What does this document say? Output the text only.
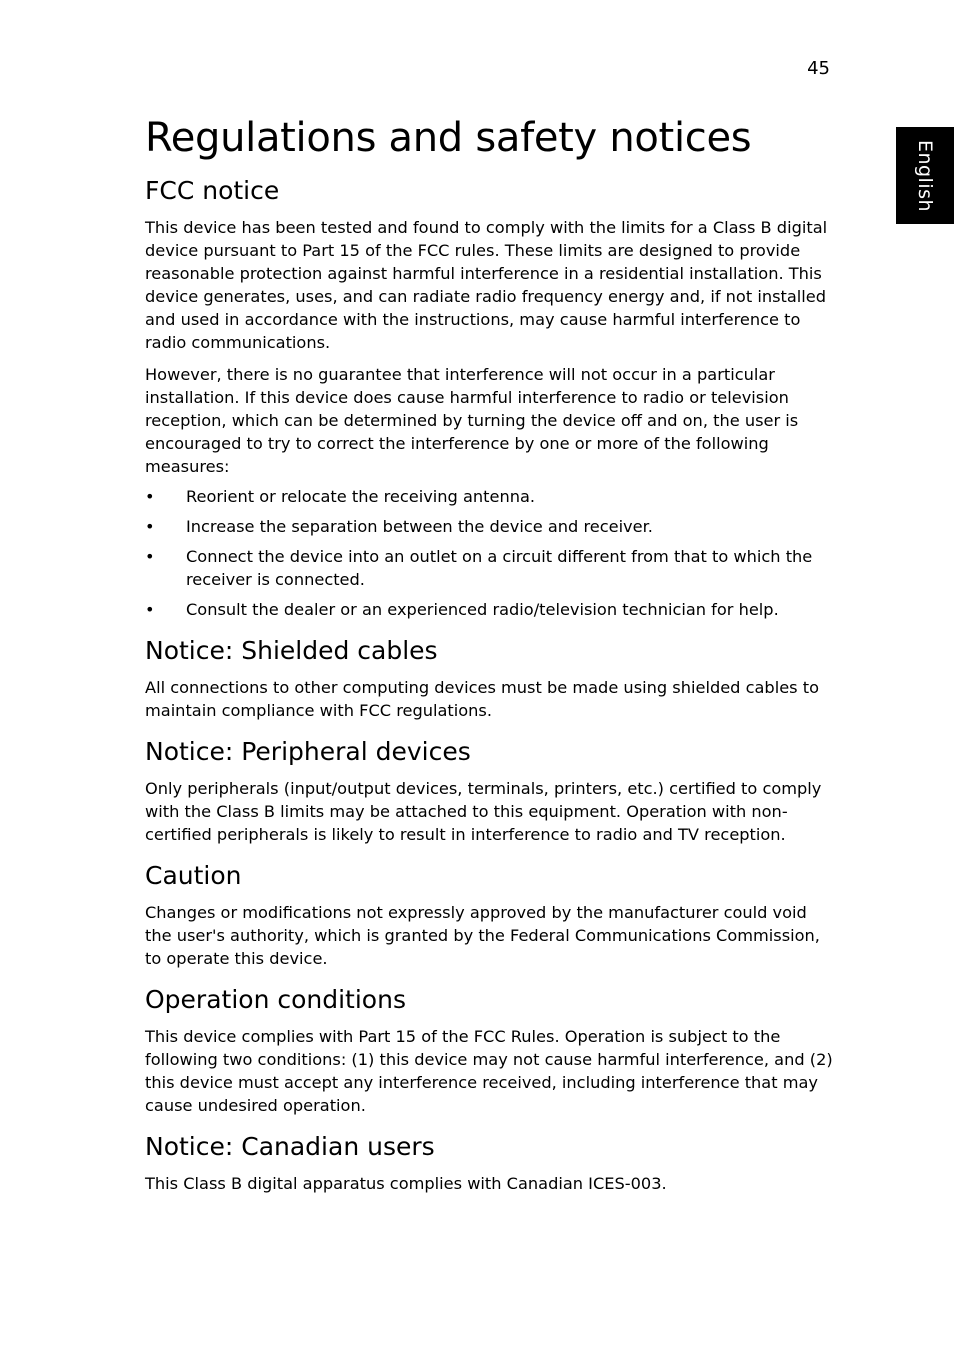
45
English
Regulations and safety notices
FCC notice

This device has been tested and found to comply with the limits for a Class B digital device pursuant to Part 15 of the FCC rules. These limits are designed to provide reasonable protection against harmful interference in a residential installation. This device generates, uses, and can radiate radio frequency energy and, if not installed and used in accordance with the instructions, may cause harmful interference to radio communications.

However, there is no guarantee that interference will not occur in a particular installation. If this device does cause harmful interference to radio or television reception, which can be determined by turning the device off and on, the user is encouraged to try to correct the interference by one or more of the following measures:

• Reorient or relocate the receiving antenna.
• Increase the separation between the device and receiver.
• Connect the device into an outlet on a circuit different from that to which the receiver is connected.
• Consult the dealer or an experienced radio/television technician for help.
Notice: Shielded cables

All connections to other computing devices must be made using shielded cables to maintain compliance with FCC regulations.

Notice: Peripheral devices

Only peripherals (input/output devices, terminals, printers, etc.) certified to comply with the Class B limits may be attached to this equipment. Operation with non-certified peripherals is likely to result in interference to radio and TV reception.

Caution

Changes or modifications not expressly approved by the manufacturer could void the user's authority, which is granted by the Federal Communications Commission, to operate this device.

Operation conditions

This device complies with Part 15 of the FCC Rules. Operation is subject to the following two conditions: (1) this device may not cause harmful interference, and (2) this device must accept any interference received, including interference that may cause undesired operation.

Notice: Canadian users

This Class B digital apparatus complies with Canadian ICES-003.
